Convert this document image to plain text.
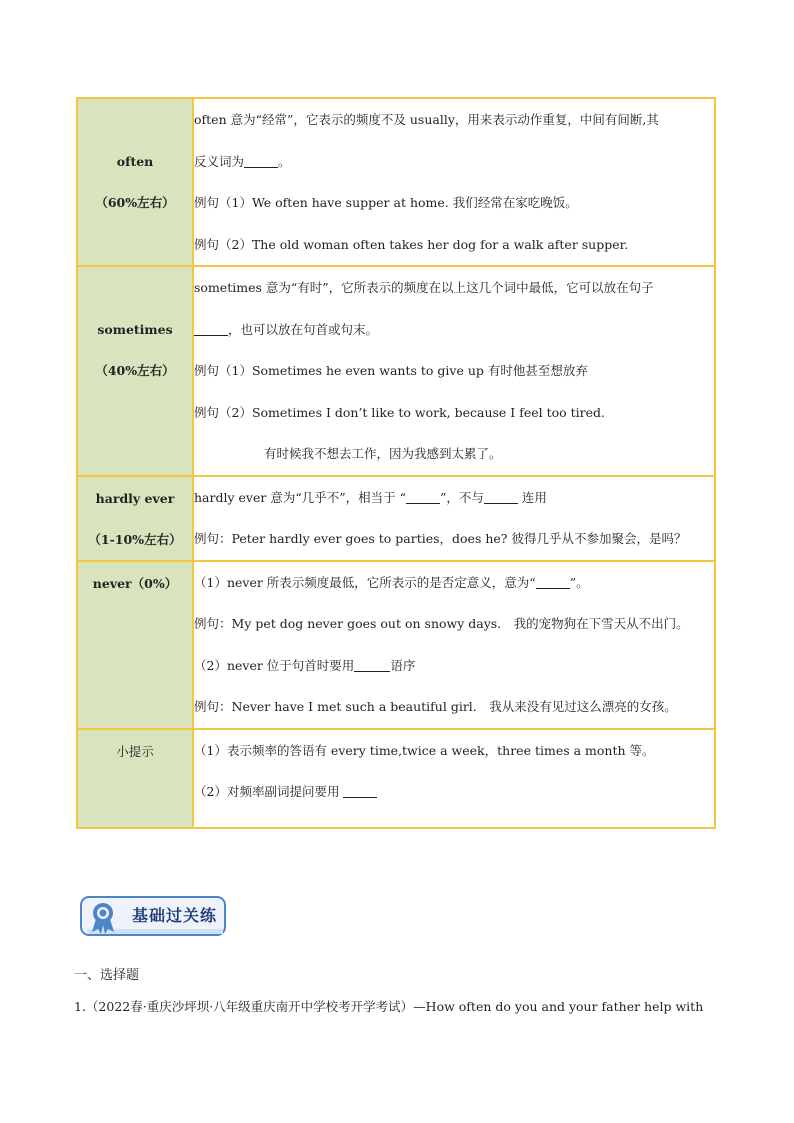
often
（60%左右）	often 意为“经常”，它表示的频度不及 usually，用来表示动作重复，中间有间断,其
反义词为 。
例句（1）We often have supper at home. 我们经常在家吃晚饭。
例句（2）The old woman often takes her dog for a walk after supper.

sometimes
（40%左右）	sometimes 意为“有时”，它所表示的频度在以上这几个词中最低，它可以放在句子
，也可以放在句首或句末。
例句（1）Sometimes he even wants to give up 有时他甚至想放弃
例句（2）Sometimes I don’t like to work, because I feel too tired.
有时候我不想去工作，因为我感到太累了。

hardly ever
（1-10%左右）	hardly ever 意为“几乎不”，相当于 “ ”，不与 连用
例句：Peter hardly ever goes to parties，does he? 彼得几乎从不参加聚会，是吗？

never（0%）	（1）never 所表示频度最低，它所表示的是否定意义，意为“ ”。
例句：My pet dog never goes out on snowy days.　我的宠物狗在下雪天从不出门。
（2）never 位于句首时要用 语序
例句：Never have I met such a beautiful girl.　我从来没有见过这么漂亮的女孩。

小提示	（1）表示频率的答语有 every time,twice a week，three times a month 等。
（2）对频率副词提问要用
基础过关练
一、选择题
1.（2022春·重庆沙坪坝·八年级重庆南开中学校考开学考试）—How often do you and your father help with
